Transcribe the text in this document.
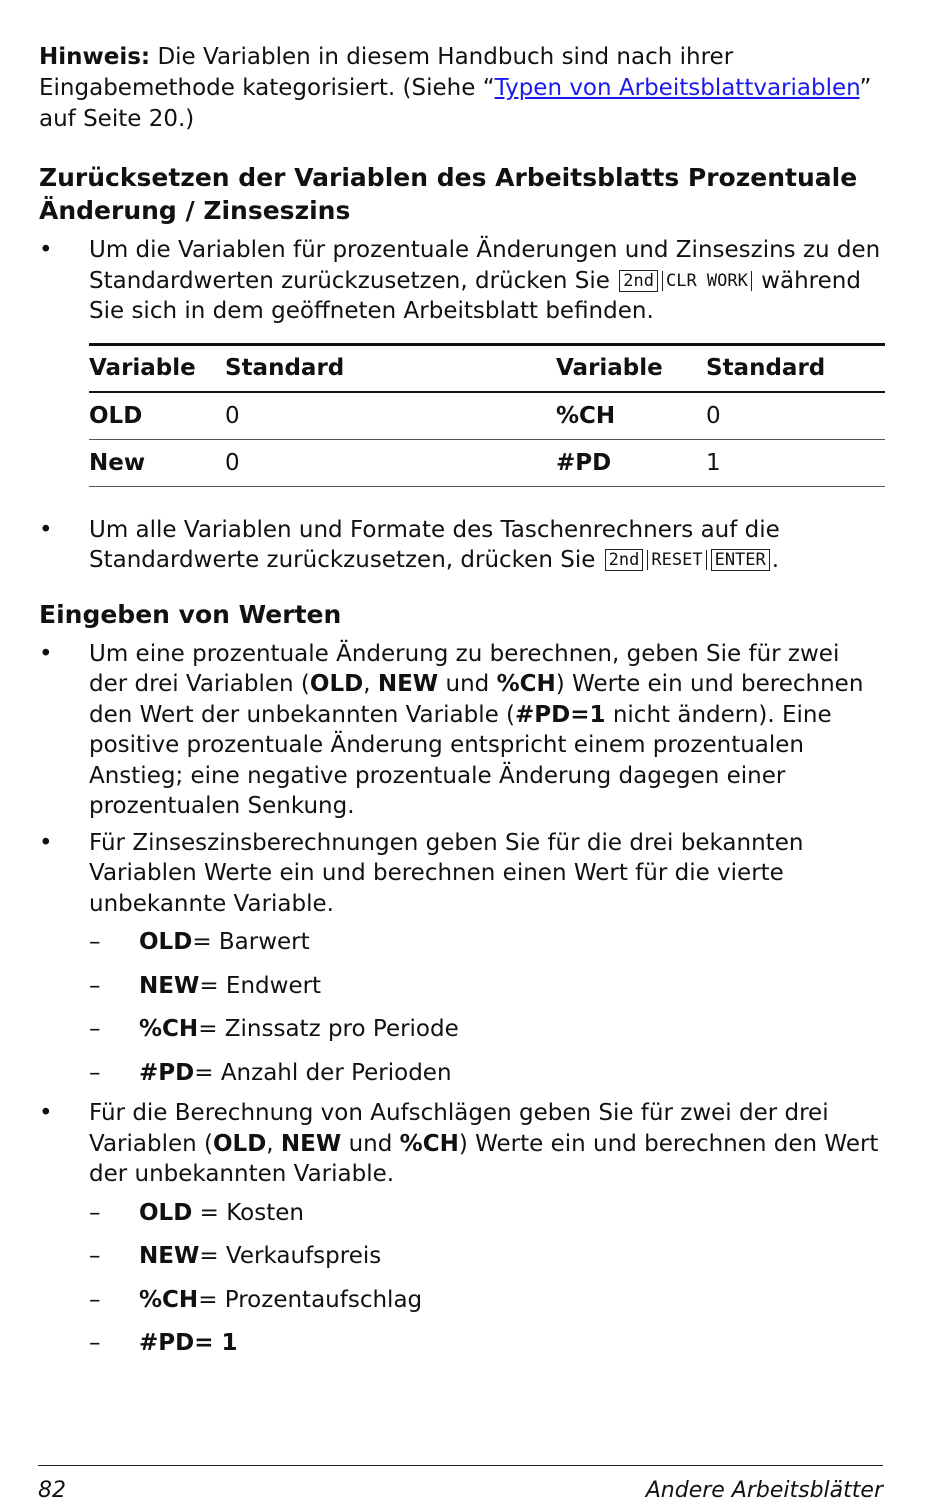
Hinweis: Die Variablen in diesem Handbuch sind nach ihrer Eingabemethode kategorisiert. (Siehe “Typen von Arbeitsblattvariablen” auf Seite 20.)

Zurücksetzen der Variablen des Arbeitsblatts Prozentuale Änderung / Zinseszins
• Um die Variablen für prozentuale Änderungen und Zinseszins zu den Standardwerten zurückzusetzen, drücken Sie 2nd CLR WORK während Sie sich in dem geöffneten Arbeitsblatt befinden.
Variable	Standard	Variable	Standard
OLD	0	%CH	0
New	0	#PD	1
• Um alle Variablen und Formate des Taschenrechners auf die Standardwerte zurückzusetzen, drücken Sie 2nd RESET ENTER .
Eingeben von Werten
• Um eine prozentuale Änderung zu berechnen, geben Sie für zwei der drei Variablen (OLD, NEW und %CH) Werte ein und berechnen den Wert der unbekannten Variable (#PD=1 nicht ändern). Eine positive prozentuale Änderung entspricht einem prozentualen Anstieg; eine negative prozentuale Änderung dagegen einer prozentualen Senkung.
• Für Zinseszinsberechnungen geben Sie für die drei bekannten Variablen Werte ein und berechnen einen Wert für die vierte unbekannte Variable.
– OLD= Barwert
– NEW= Endwert
– %CH= Zinssatz pro Periode
– #PD= Anzahl der Perioden
• Für die Berechnung von Aufschlägen geben Sie für zwei der drei Variablen (OLD, NEW und %CH) Werte ein und berechnen den Wert der unbekannten Variable.
– OLD = Kosten
– NEW= Verkaufspreis
– %CH= Prozentaufschlag
– #PD= 1
82	Andere Arbeitsblätter
